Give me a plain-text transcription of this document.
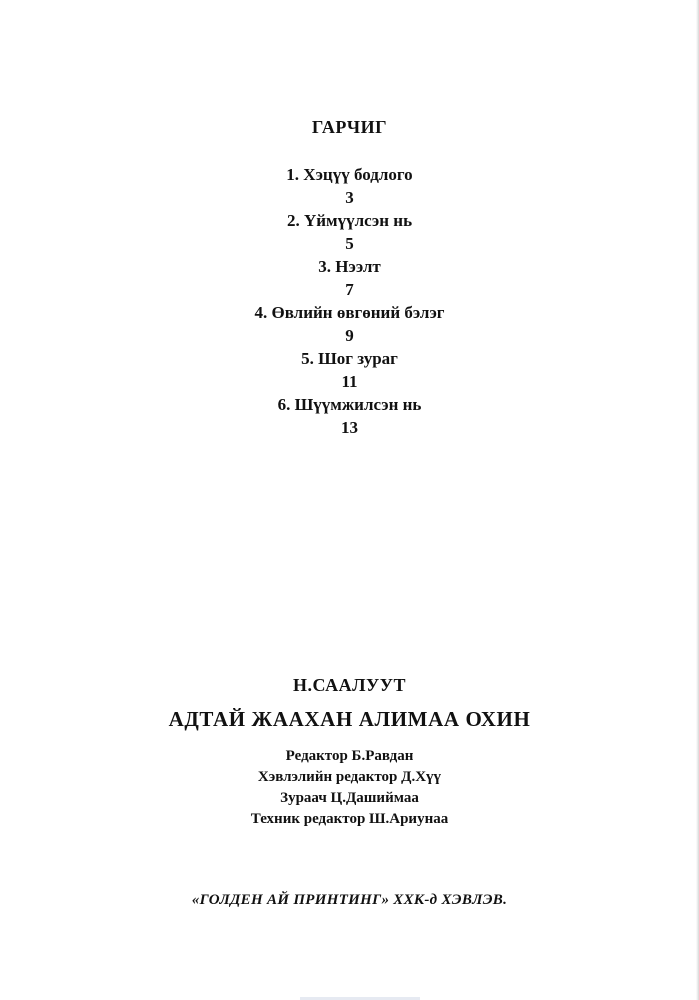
ГАРЧИГ
1. Хэцүү бодлого
3
2. Үймүүлсэн нь
5
3. Нээлт
7
4. Өвлийн өвгөний бэлэг
9
5. Шог зураг
11
6. Шүүмжилсэн нь
13
Н.СААЛУУТ
АДТАЙ ЖААХАН АЛИМАА ОХИН
Редактор Б.Равдан
Хэвлэлийн редактор Д.Хүү
Зураач Ц.Дашиймаа
Техник редактор Ш.Ариунаа
«ГОЛДЕН АЙ ПРИНТИНГ» ХХК-д ХЭВЛЭВ.
